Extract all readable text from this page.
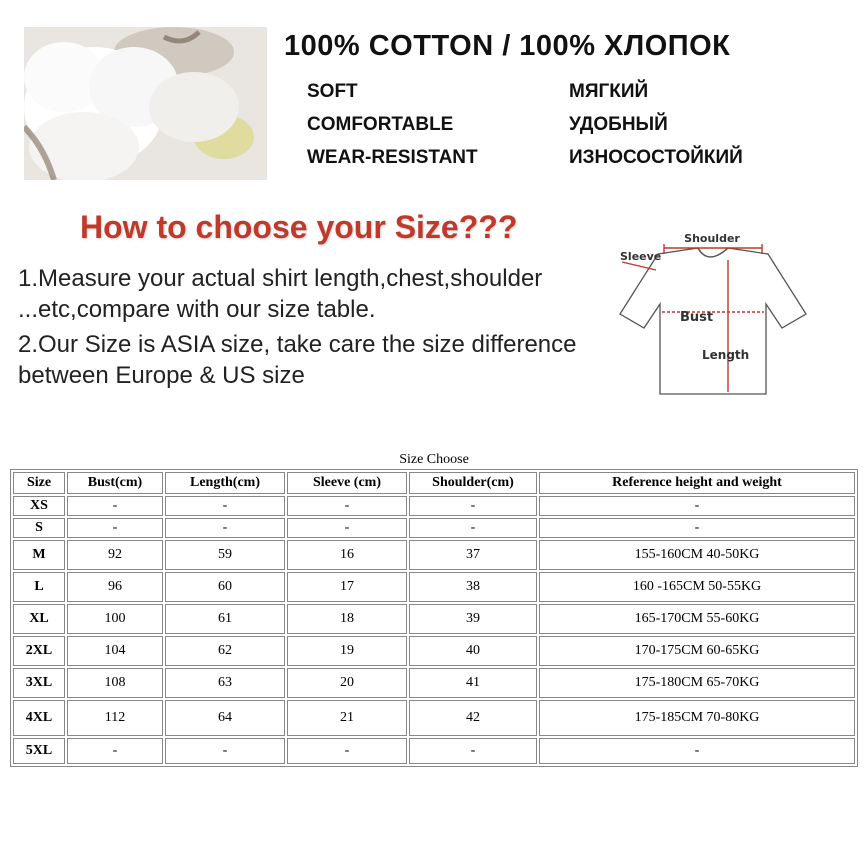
100% COTTON / 100% ХЛОПОК
SOFT
COMFORTABLE
WEAR-RESISTANT
МЯГКИЙ
УДОБНЫЙ
ИЗНОСОСТОЙКИЙ
How to choose your Size???
1.Measure your actual shirt length,chest,shoulder
...etc,compare with our size table.
2.Our Size is ASIA size, take care the size difference
between Europe & US size
Shoulder
Sleeve
Bust
Length
Size Choose
Size	Bust(cm)	Length(cm)	Sleeve (cm)	Shoulder(cm)	Reference height and weight
XS	-	-	-	-	-
S	-	-	-	-	-
M	92	59	16	37	155-160CM 40-50KG
L	96	60	17	38	160 -165CM 50-55KG
XL	100	61	18	39	165-170CM 55-60KG
2XL	104	62	19	40	170-175CM 60-65KG
3XL	108	63	20	41	175-180CM 65-70KG
4XL	112	64	21	42	175-185CM 70-80KG
5XL	-	-	-	-	-
